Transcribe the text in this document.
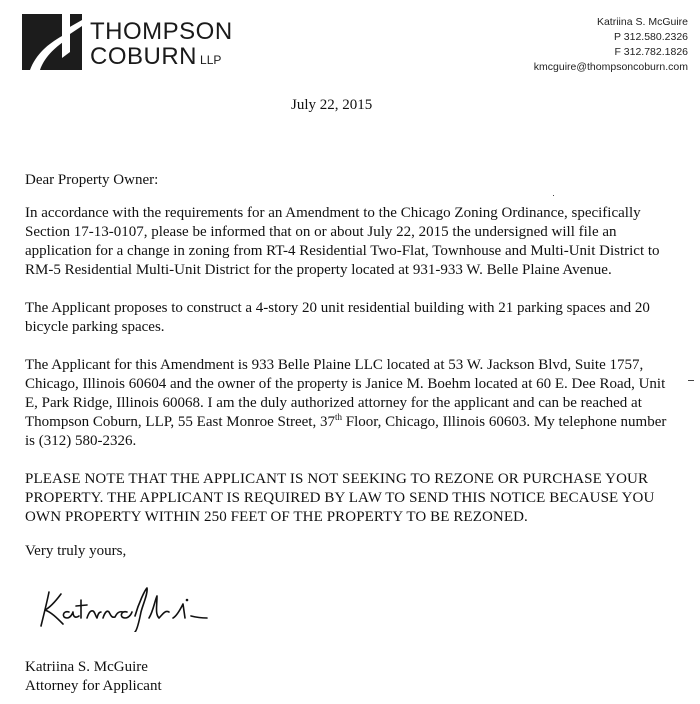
THOMPSON
COBURN LLP
Katriina S. McGuire
P 312.580.2326
F 312.782.1826
kmcguire@thompsoncoburn.com
July 22, 2015

Dear Property Owner:

In accordance with the requirements for an Amendment to the Chicago Zoning Ordinance, specifically Section 17-13-0107, please be informed that on or about July 22, 2015 the undersigned will file an application for a change in zoning from RT-4 Residential Two-Flat, Townhouse and Multi-Unit District to RM-5 Residential Multi-Unit District for the property located at 931-933 W. Belle Plaine Avenue.

The Applicant proposes to construct a 4-story 20 unit residential building with 21 parking spaces and 20 bicycle parking spaces.

The Applicant for this Amendment is 933 Belle Plaine LLC located at 53 W. Jackson Blvd, Suite 1757, Chicago, Illinois 60604 and the owner of the property is Janice M. Boehm located at 60 E. Dee Road, Unit E, Park Ridge, Illinois 60068. I am the duly authorized attorney for the applicant and can be reached at Thompson Coburn, LLP, 55 East Monroe Street, 37th Floor, Chicago, Illinois 60603. My telephone number is (312) 580-2326.

PLEASE NOTE THAT THE APPLICANT IS NOT SEEKING TO REZONE OR PURCHASE YOUR PROPERTY. THE APPLICANT IS REQUIRED BY LAW TO SEND THIS NOTICE BECAUSE YOU OWN PROPERTY WITHIN 250 FEET OF THE PROPERTY TO BE REZONED.

Very truly yours,
Katriina S. McGuire
Attorney for Applicant
